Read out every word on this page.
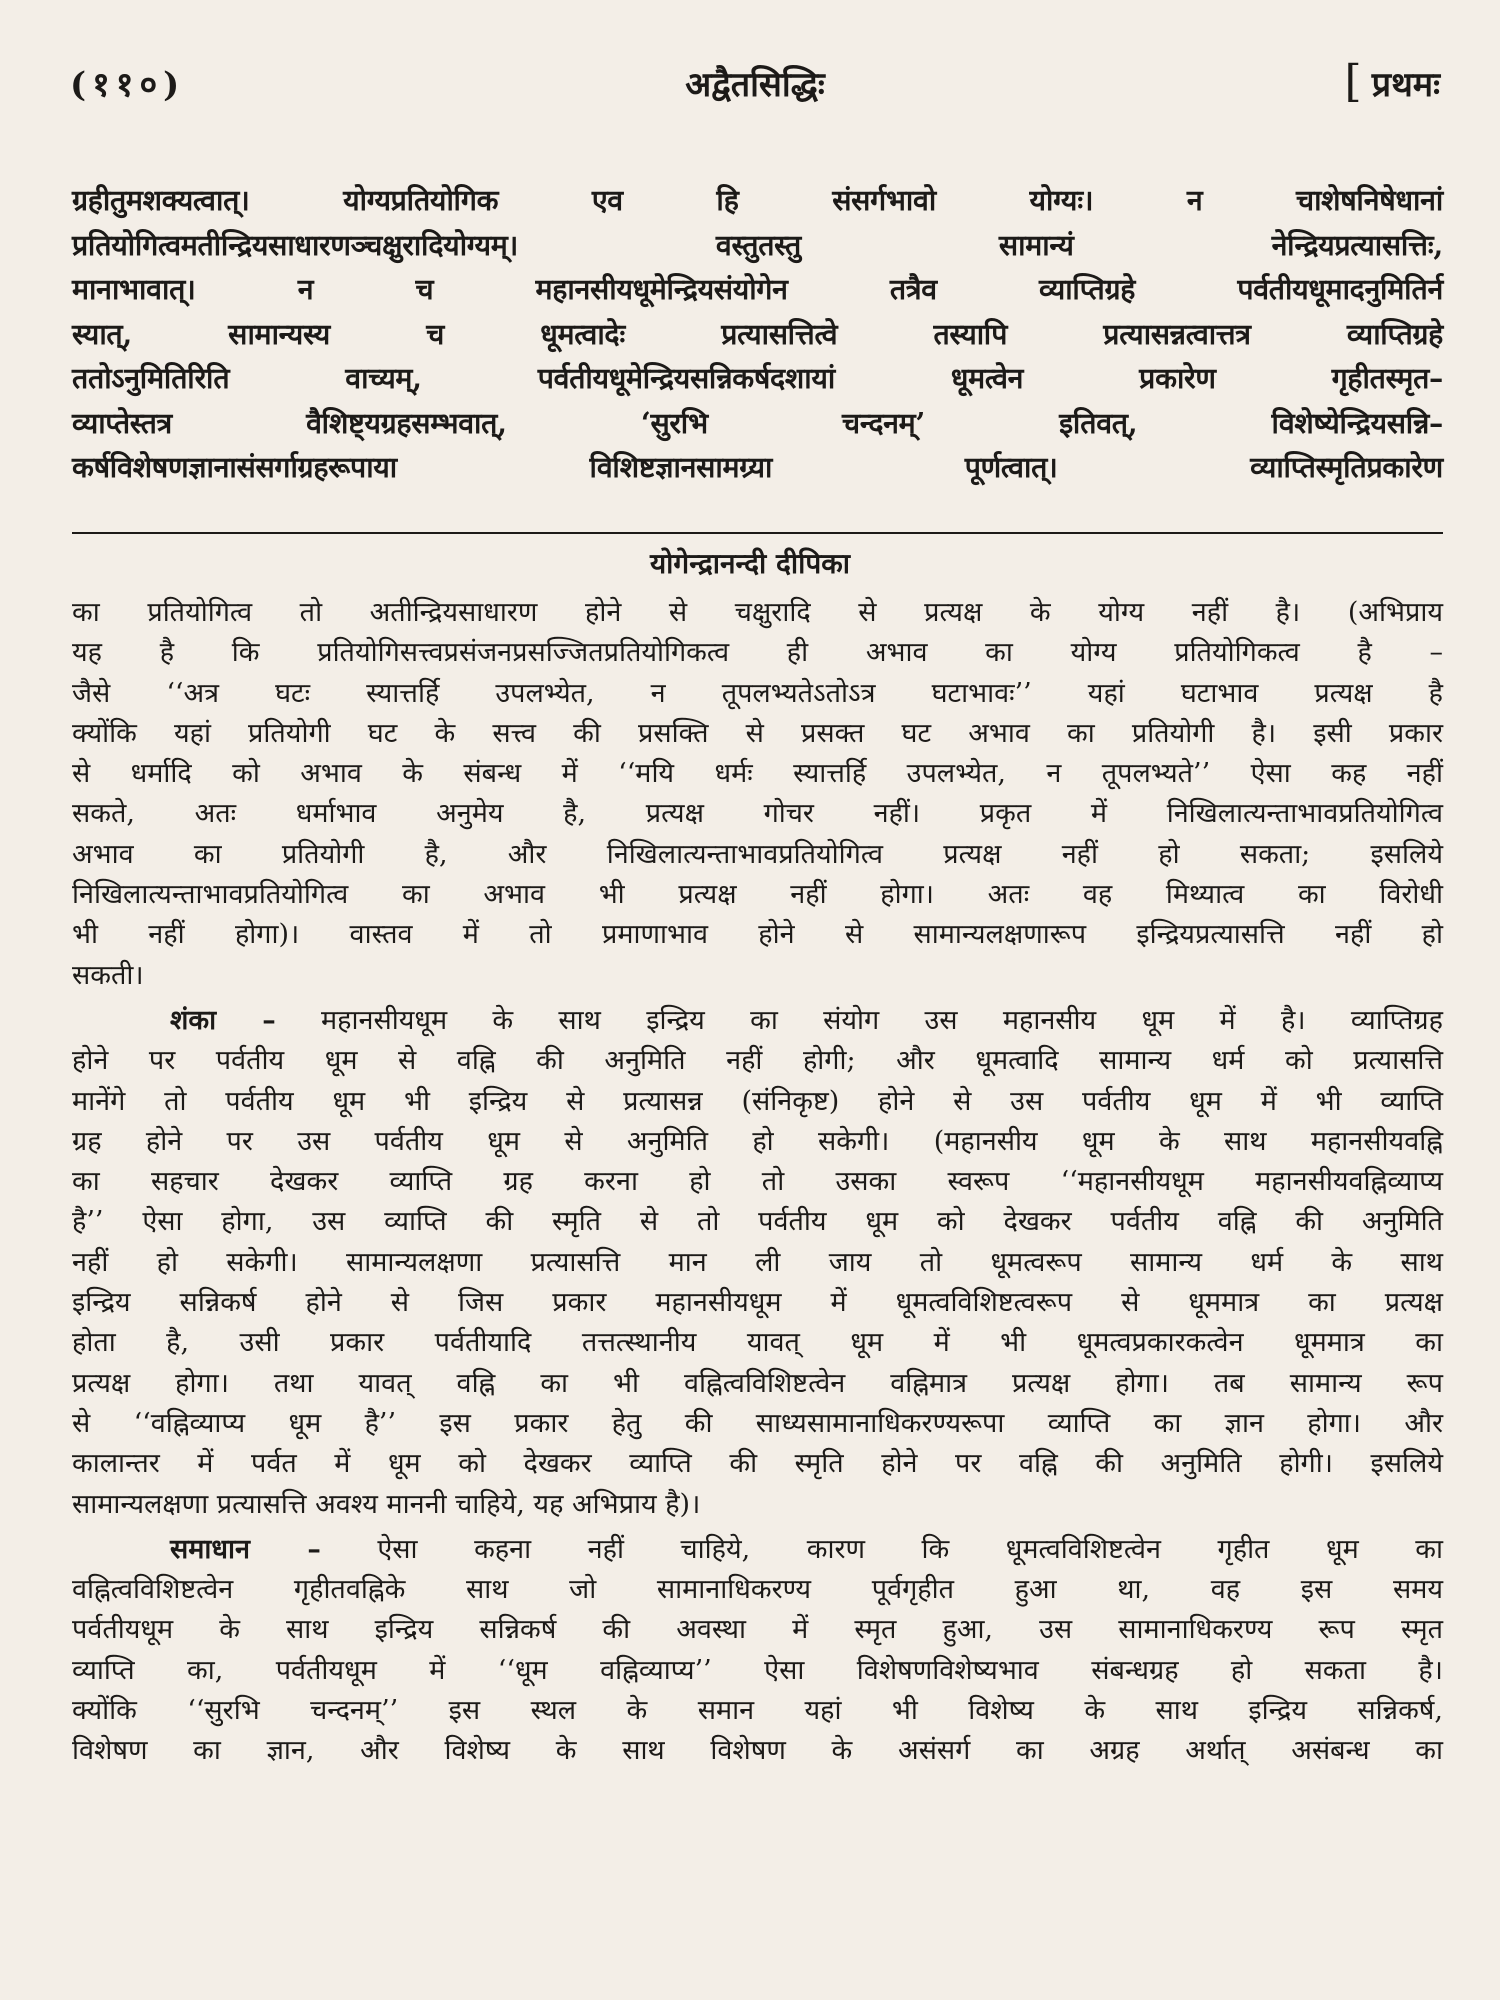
(११०)	अद्वैतसिद्धिः	[ प्रथमः
ग्रहीतुमशक्यत्वात्। योग्यप्रतियोगिक एव हि संसर्गभावो योग्यः। न चाशेषनिषेधानां
प्रतियोगित्वमतीन्द्रियसाधारणञ्चक्षुरादियोग्यम्। वस्तुतस्तु सामान्यं नेन्द्रियप्रत्यासत्तिः,
मानाभावात्। न च महानसीयधूमेन्द्रियसंयोगेन तत्रैव व्याप्तिग्रहे पर्वतीयधूमादनुमितिर्न
स्यात्, सामान्यस्य च धूमत्वादेः प्रत्यासत्तित्वे तस्यापि प्रत्यासन्नत्वात्तत्र व्याप्तिग्रहे
ततोऽनुमितिरिति वाच्यम्, पर्वतीयधूमेन्द्रियसन्निकर्षदशायां धूमत्वेन प्रकारेण गृहीतस्मृत–
व्याप्तेस्तत्र वैशिष्ट्यग्रहसम्भवात्, ‘सुरभि चन्दनम्’ इतिवत्, विशेष्येन्द्रियसन्नि–
कर्षविशेषणज्ञानासंसर्गाग्रहरूपाया विशिष्टज्ञानसामग्र्या पूर्णत्वात्। व्याप्तिस्मृतिप्रकारेण
योगेन्द्रानन्दी दीपिका
का प्रतियोगित्व तो अतीन्द्रियसाधारण होने से चक्षुरादि से प्रत्यक्ष के योग्य नहीं है। (अभिप्राय
यह है कि प्रतियोगिसत्त्वप्रसंजनप्रसज्जितप्रतियोगिकत्व ही अभाव का योग्य प्रतियोगिकत्व है –
जैसे ‘‘अत्र घटः स्यात्तर्हि उपलभ्येत, न तूपलभ्यतेऽतोऽत्र घटाभावः’’ यहां घटाभाव प्रत्यक्ष है
क्योंकि यहां प्रतियोगी घट के सत्त्व की प्रसक्ति से प्रसक्त घट अभाव का प्रतियोगी है। इसी प्रकार
से धर्मादि को अभाव के संबन्ध में ‘‘मयि धर्मः स्यात्तर्हि उपलभ्येत, न तूपलभ्यते’’ ऐसा कह नहीं
सकते, अतः धर्माभाव अनुमेय है, प्रत्यक्ष गोचर नहीं। प्रकृत में निखिलात्यन्ताभावप्रतियोगित्व
अभाव का प्रतियोगी है, और निखिलात्यन्ताभावप्रतियोगित्व प्रत्यक्ष नहीं हो सकता; इसलिये
निखिलात्यन्ताभावप्रतियोगित्व का अभाव भी प्रत्यक्ष नहीं होगा। अतः वह मिथ्यात्व का विरोधी
भी नहीं होगा)। वास्तव में तो प्रमाणाभाव होने से सामान्यलक्षणारूप इन्द्रियप्रत्यासत्ति नहीं हो
सकती।
शंका – महानसीयधूम के साथ इन्द्रिय का संयोग उस महानसीय धूम में है। व्याप्तिग्रह
होने पर पर्वतीय धूम से वह्नि की अनुमिति नहीं होगी; और धूमत्वादि सामान्य धर्म को प्रत्यासत्ति
मानेंगे तो पर्वतीय धूम भी इन्द्रिय से प्रत्यासन्न (संनिकृष्ट) होने से उस पर्वतीय धूम में भी व्याप्ति
ग्रह होने पर उस पर्वतीय धूम से अनुमिति हो सकेगी। (महानसीय धूम के साथ महानसीयवह्नि
का सहचार देखकर व्याप्ति ग्रह करना हो तो उसका स्वरूप ‘‘महानसीयधूम महानसीयवह्निव्याप्य
है’’ ऐसा होगा, उस व्याप्ति की स्मृति से तो पर्वतीय धूम को देखकर पर्वतीय वह्नि की अनुमिति
नहीं हो सकेगी। सामान्यलक्षणा प्रत्यासत्ति मान ली जाय तो धूमत्वरूप सामान्य धर्म के साथ
इन्द्रिय सन्निकर्ष होने से जिस प्रकार महानसीयधूम में धूमत्वविशिष्टत्वरूप से धूममात्र का प्रत्यक्ष
होता है, उसी प्रकार पर्वतीयादि तत्तत्स्थानीय यावत् धूम में भी धूमत्वप्रकारकत्वेन धूममात्र का
प्रत्यक्ष होगा। तथा यावत् वह्नि का भी वह्नित्वविशिष्टत्वेन वह्निमात्र प्रत्यक्ष होगा। तब सामान्य रूप
से ‘‘वह्निव्याप्य धूम है’’ इस प्रकार हेतु की साध्यसामानाधिकरण्यरूपा व्याप्ति का ज्ञान होगा। और
कालान्तर में पर्वत में धूम को देखकर व्याप्ति की स्मृति होने पर वह्नि की अनुमिति होगी। इसलिये
सामान्यलक्षणा प्रत्यासत्ति अवश्य माननी चाहिये, यह अभिप्राय है)।
समाधान – ऐसा कहना नहीं चाहिये, कारण कि धूमत्वविशिष्टत्वेन गृहीत धूम का
वह्नित्वविशिष्टत्वेन गृहीतवह्निके साथ जो सामानाधिकरण्य पूर्वगृहीत हुआ था, वह इस समय
पर्वतीयधूम के साथ इन्द्रिय सन्निकर्ष की अवस्था में स्मृत हुआ, उस सामानाधिकरण्य रूप स्मृत
व्याप्ति का, पर्वतीयधूम में ‘‘धूम वह्निव्याप्य’’ ऐसा विशेषणविशेष्यभाव संबन्धग्रह हो सकता है।
क्योंकि ‘‘सुरभि चन्दनम्’’ इस स्थल के समान यहां भी विशेष्य के साथ इन्द्रिय सन्निकर्ष,
विशेषण का ज्ञान, और विशेष्य के साथ विशेषण के असंसर्ग का अग्रह अर्थात् असंबन्ध का
